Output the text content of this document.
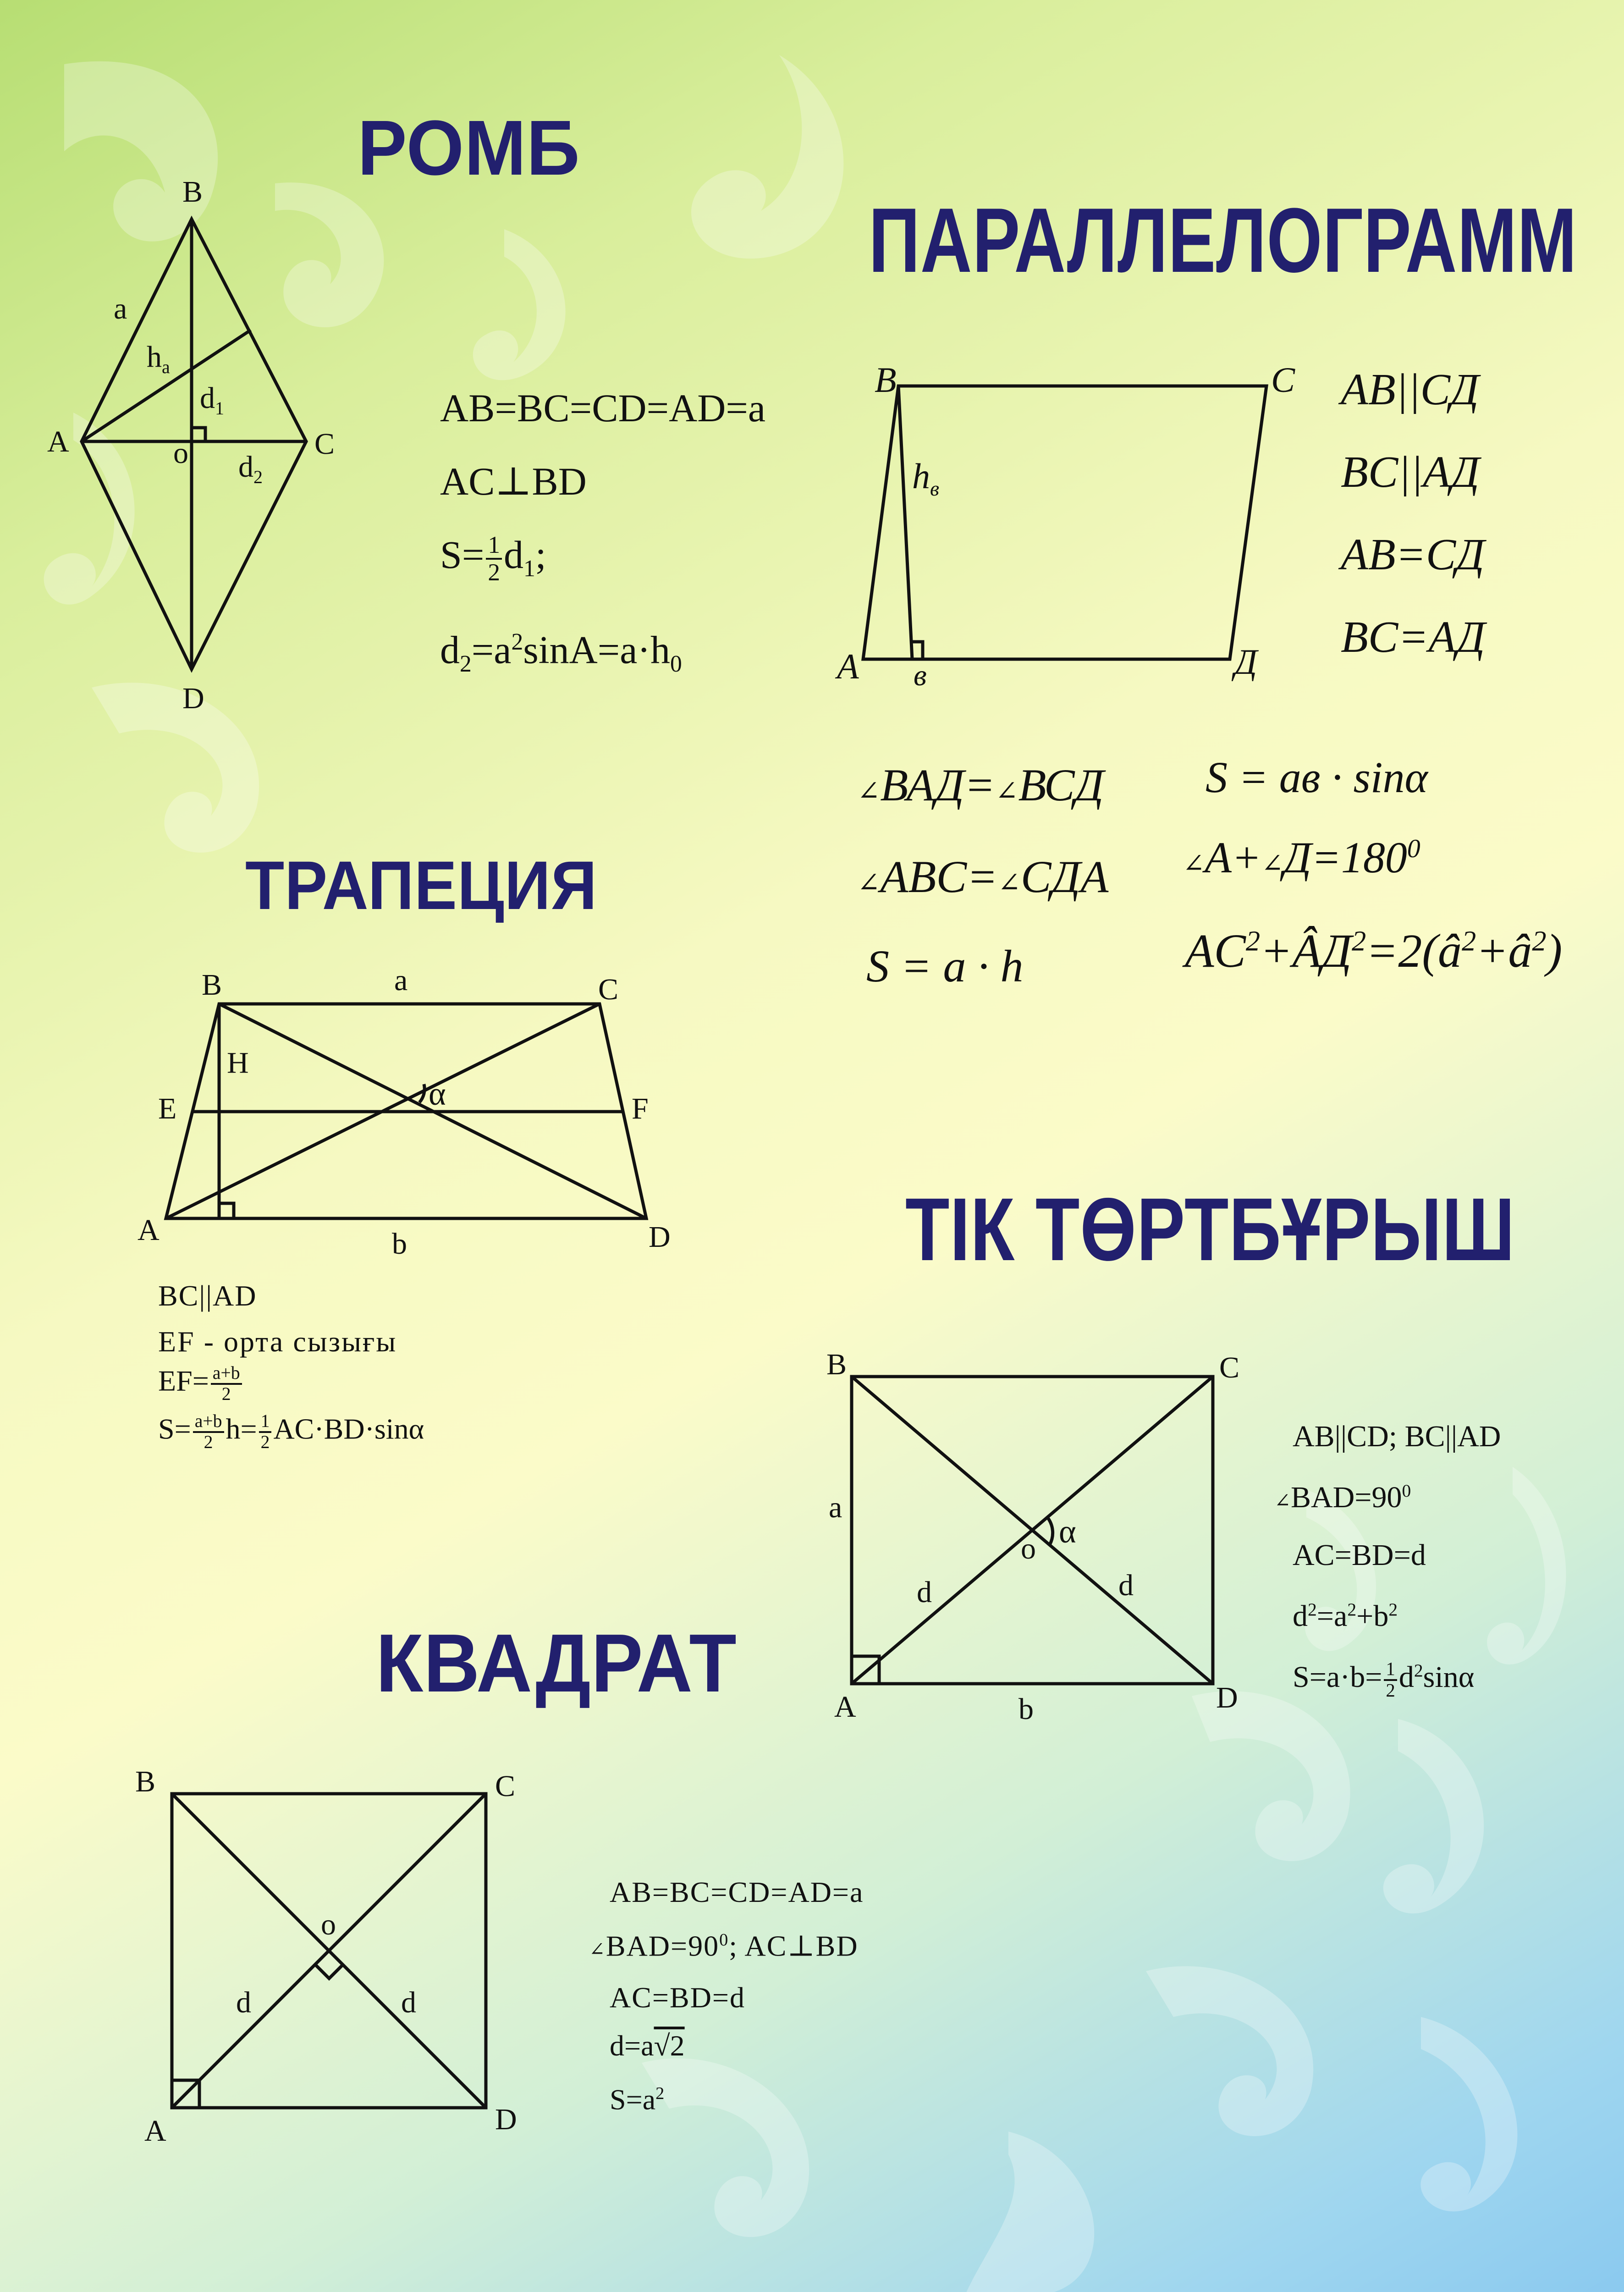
РОМБ
ПАРАЛЛЕЛОГРАММ
ТРАПЕЦИЯ
ТІК ТӨРТБҰРЫШ
КВАДРАТ
B
A	C
D
o
a
$h_a$
$d_1$
$d_2$
B	C
A	Д
в
$h_в$
B	C
A	D
E	F
a
b
H
α
B	C
A	D
o
a
b
d	d
α
B	C
A	D
o
d	d
AB=BC=CD=AD=a
AC⊥BD
$S= \frac{1}{2} d_1$;
$d_2=a^2\sin A=a\cdot h_0$
AB||СД
BC||АД
AB=СД
BC=АД
∠ВАД=∠ВСД
∠ABC=∠СДА
S = a · h
S = ав · sinα
$\angle A+\angle Д=180^0$
$AC^2+ÂД^2=2(â^2+â^2)$
BC||AD
EF - орта сызығы
$EF= \frac{a+b}{2}$
$S= \frac{a+b}{2} h= \frac{1}{2} AC\cdot BD\cdot\sin\alpha$	AB||CD; BC||AD
$\angle BAD=90^0$
AC=BD=d
$d^2=a^2+b^2$
$S=a\cdot b= \frac{1}{2} d^2\sin\alpha$
AB=BC=CD=AD=a
$\angle BAD=90^0$; AC⊥BD
AC=BD=d
d=a√2
$S=a^2$
